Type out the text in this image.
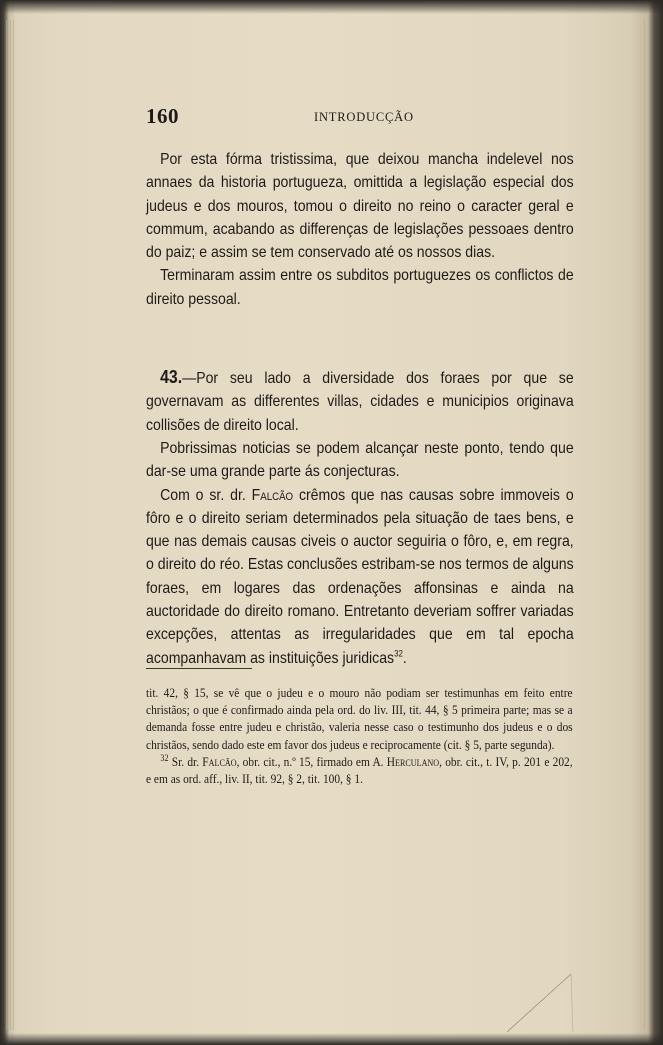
160	INTRODUCÇÃO

Por esta fórma tristissima, que deixou mancha indelevel nos annaes da historia portugueza, omittida a legislação especial dos judeus e dos mouros, tomou o direito no reino o caracter geral e commum, acabando as differenças de legislações pessoaes dentro do paiz; e assim se tem conservado até os nossos dias.

Terminaram assim entre os subditos portuguezes os conflictos de direito pessoal.

43.—Por seu lado a diversidade dos foraes por que se governavam as differentes villas, cidades e municipios originava collisões de direito local.

Pobrissimas noticias se podem alcançar neste ponto, tendo que dar-se uma grande parte ás conjecturas.

Com o sr. dr. Falcão crêmos que nas causas sobre immoveis o fôro e o direito seriam determinados pela situação de taes bens, e que nas demais causas civeis o auctor seguiria o fôro, e, em regra, o direito do réo. Estas conclusões estribam-se nos termos de alguns foraes, em logares das ordenações affonsinas e ainda na auctoridade do direito romano. Entretanto deveriam soffrer variadas excepções, attentas as irregularidades que em tal epocha acompanhavam as instituições juridicas$^{32}$.

tit. 42, § 15, se vê que o judeu e o mouro não podiam ser testimunhas em feito entre christãos; o que é confirmado ainda pela ord. do liv. III, tit. 44, § 5 primeira parte; mas se a demanda fosse entre judeu e christão, valeria nesse caso o testimunho dos judeus e o dos christãos, sendo dado este em favor dos judeus e reciprocamente (cit. § 5, parte segunda).

$^{32}$ Sr. dr. Falcão, obr. cit., n.º 15, firmado em A. Herculano, obr. cit., t. IV, p. 201 e 202, e em as ord. aff., liv. II, tit. 92, § 2, tit. 100, § 1.
